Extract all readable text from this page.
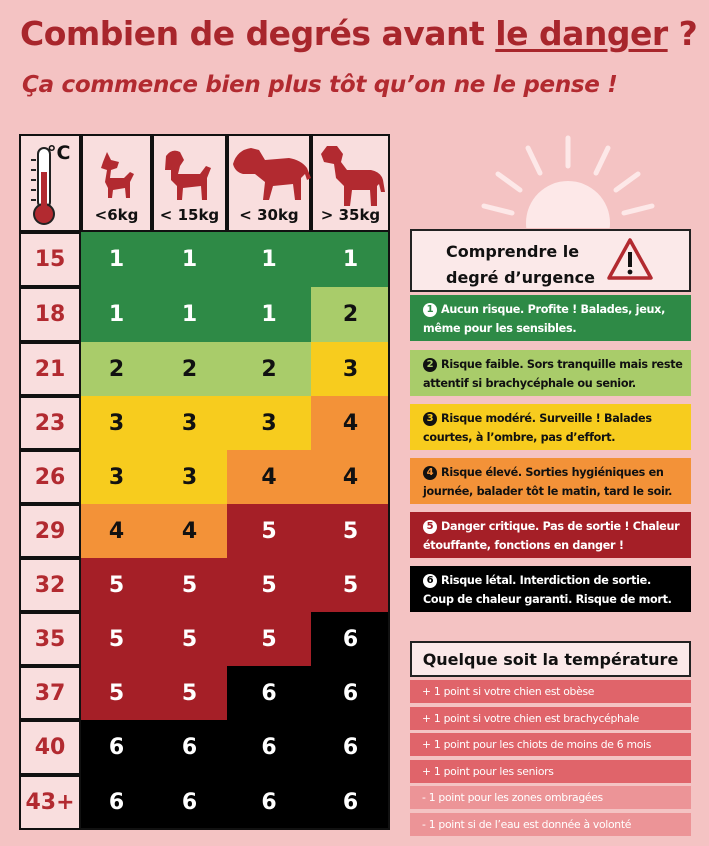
Combien de degrés avant le danger ?
Ça commence bien plus tôt qu’on ne le pense !
°C
<6kg	< 15kg	< 30kg	> 35kg
15	1	1	1	1
18	1	1	1	2
21	2	2	2	3
23	3	3	3	4
26	3	3	4	4
29	4	4	5	5
32	5	5	5	5
35	5	5	5	6
37	5	5	6	6
40	6	6	6	6
43+	6	6	6	6
Comprendre le degré d’urgence
1 Aucun risque. Profite ! Balades, jeux, même pour les sensibles.
2 Risque faible. Sors tranquille mais reste attentif si brachycéphale ou senior.
3 Risque modéré. Surveille ! Balades courtes, à l’ombre, pas d’effort.
4 Risque élevé. Sorties hygiéniques en journée, balader tôt le matin, tard le soir.
5 Danger critique. Pas de sortie ! Chaleur étouffante, fonctions en danger !
6 Risque létal. Interdiction de sortie. Coup de chaleur garanti. Risque de mort.
Quelque soit la température
+ 1 point si votre chien est obèse
+ 1 point si votre chien est brachycéphale
+ 1 point pour les chiots de moins de 6 mois
+ 1 point pour les seniors
- 1 point pour les zones ombragées
- 1 point si de l’eau est donnée à volonté
